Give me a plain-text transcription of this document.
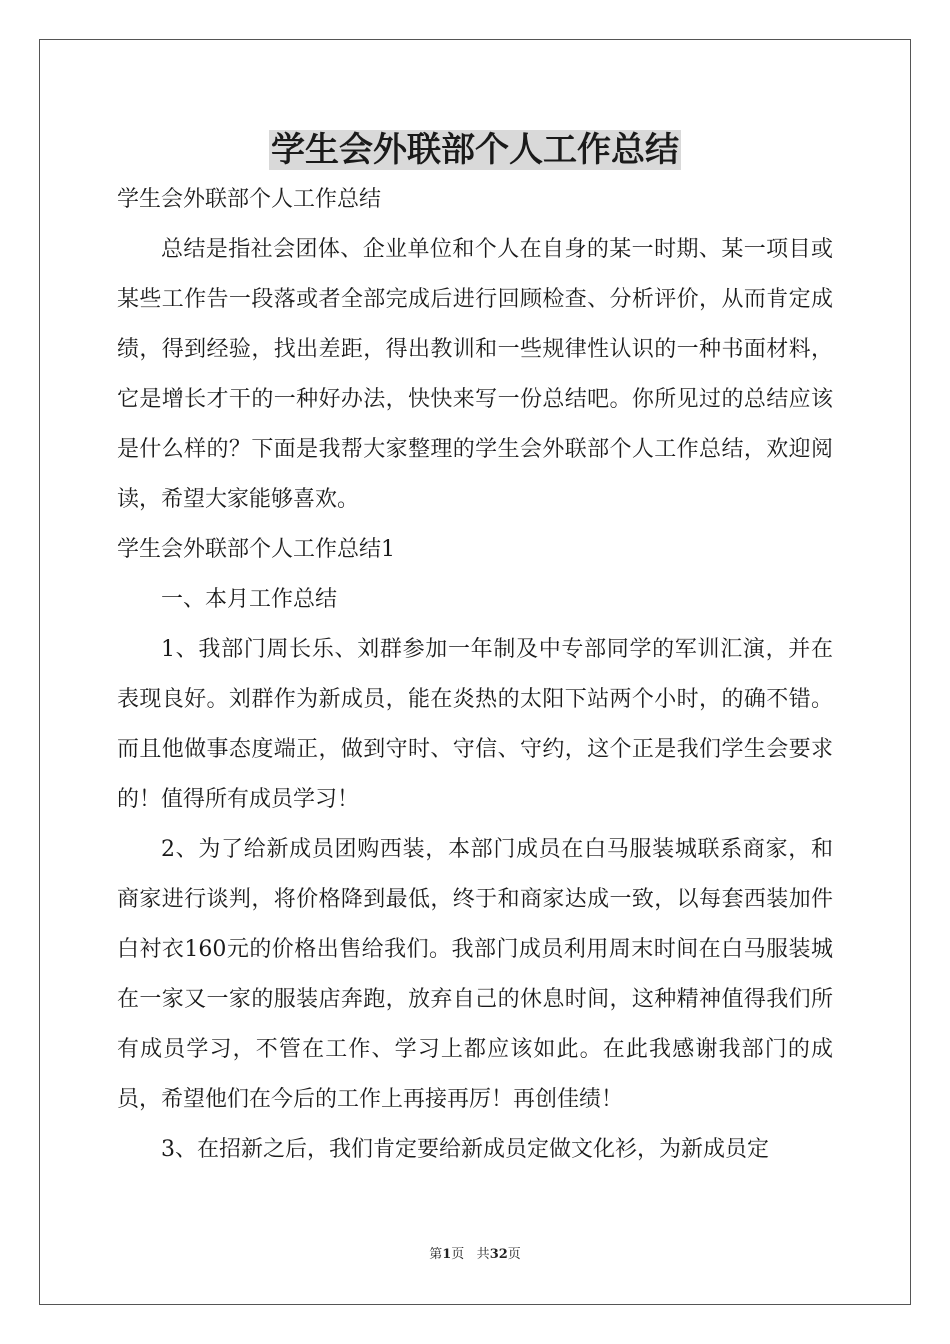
学生会外联部个人工作总结

学生会外联部个人工作总结

总结是指社会团体、企业单位和个人在自身的某一时期、某一项目或某些工作告一段落或者全部完成后进行回顾检查、分析评价，从而肯定成绩，得到经验，找出差距，得出教训和一些规律性认识的一种书面材料，它是增长才干的一种好办法，快快来写一份总结吧。你所见过的总结应该是什么样的？下面是我帮大家整理的学生会外联部个人工作总结，欢迎阅读，希望大家能够喜欢。

学生会外联部个人工作总结1

一、本月工作总结

1、我部门周长乐、刘群参加一年制及中专部同学的军训汇演，并在表现良好。刘群作为新成员，能在炎热的太阳下站两个小时，的确不错。而且他做事态度端正，做到守时、守信、守约，这个正是我们学生会要求的！值得所有成员学习！

2、为了给新成员团购西装，本部门成员在白马服装城联系商家，和商家进行谈判，将价格降到最低，终于和商家达成一致，以每套西装加件白衬衣160元的价格出售给我们。我部门成员利用周末时间在白马服装城在一家又一家的服装店奔跑，放弃自己的休息时间，这种精神值得我们所有成员学习，不管在工作、学习上都应该如此。在此我感谢我部门的成员，希望他们在今后的工作上再接再厉！再创佳绩！

3、在招新之后，我们肯定要给新成员定做文化衫，为新成员定

第1页 共32页
